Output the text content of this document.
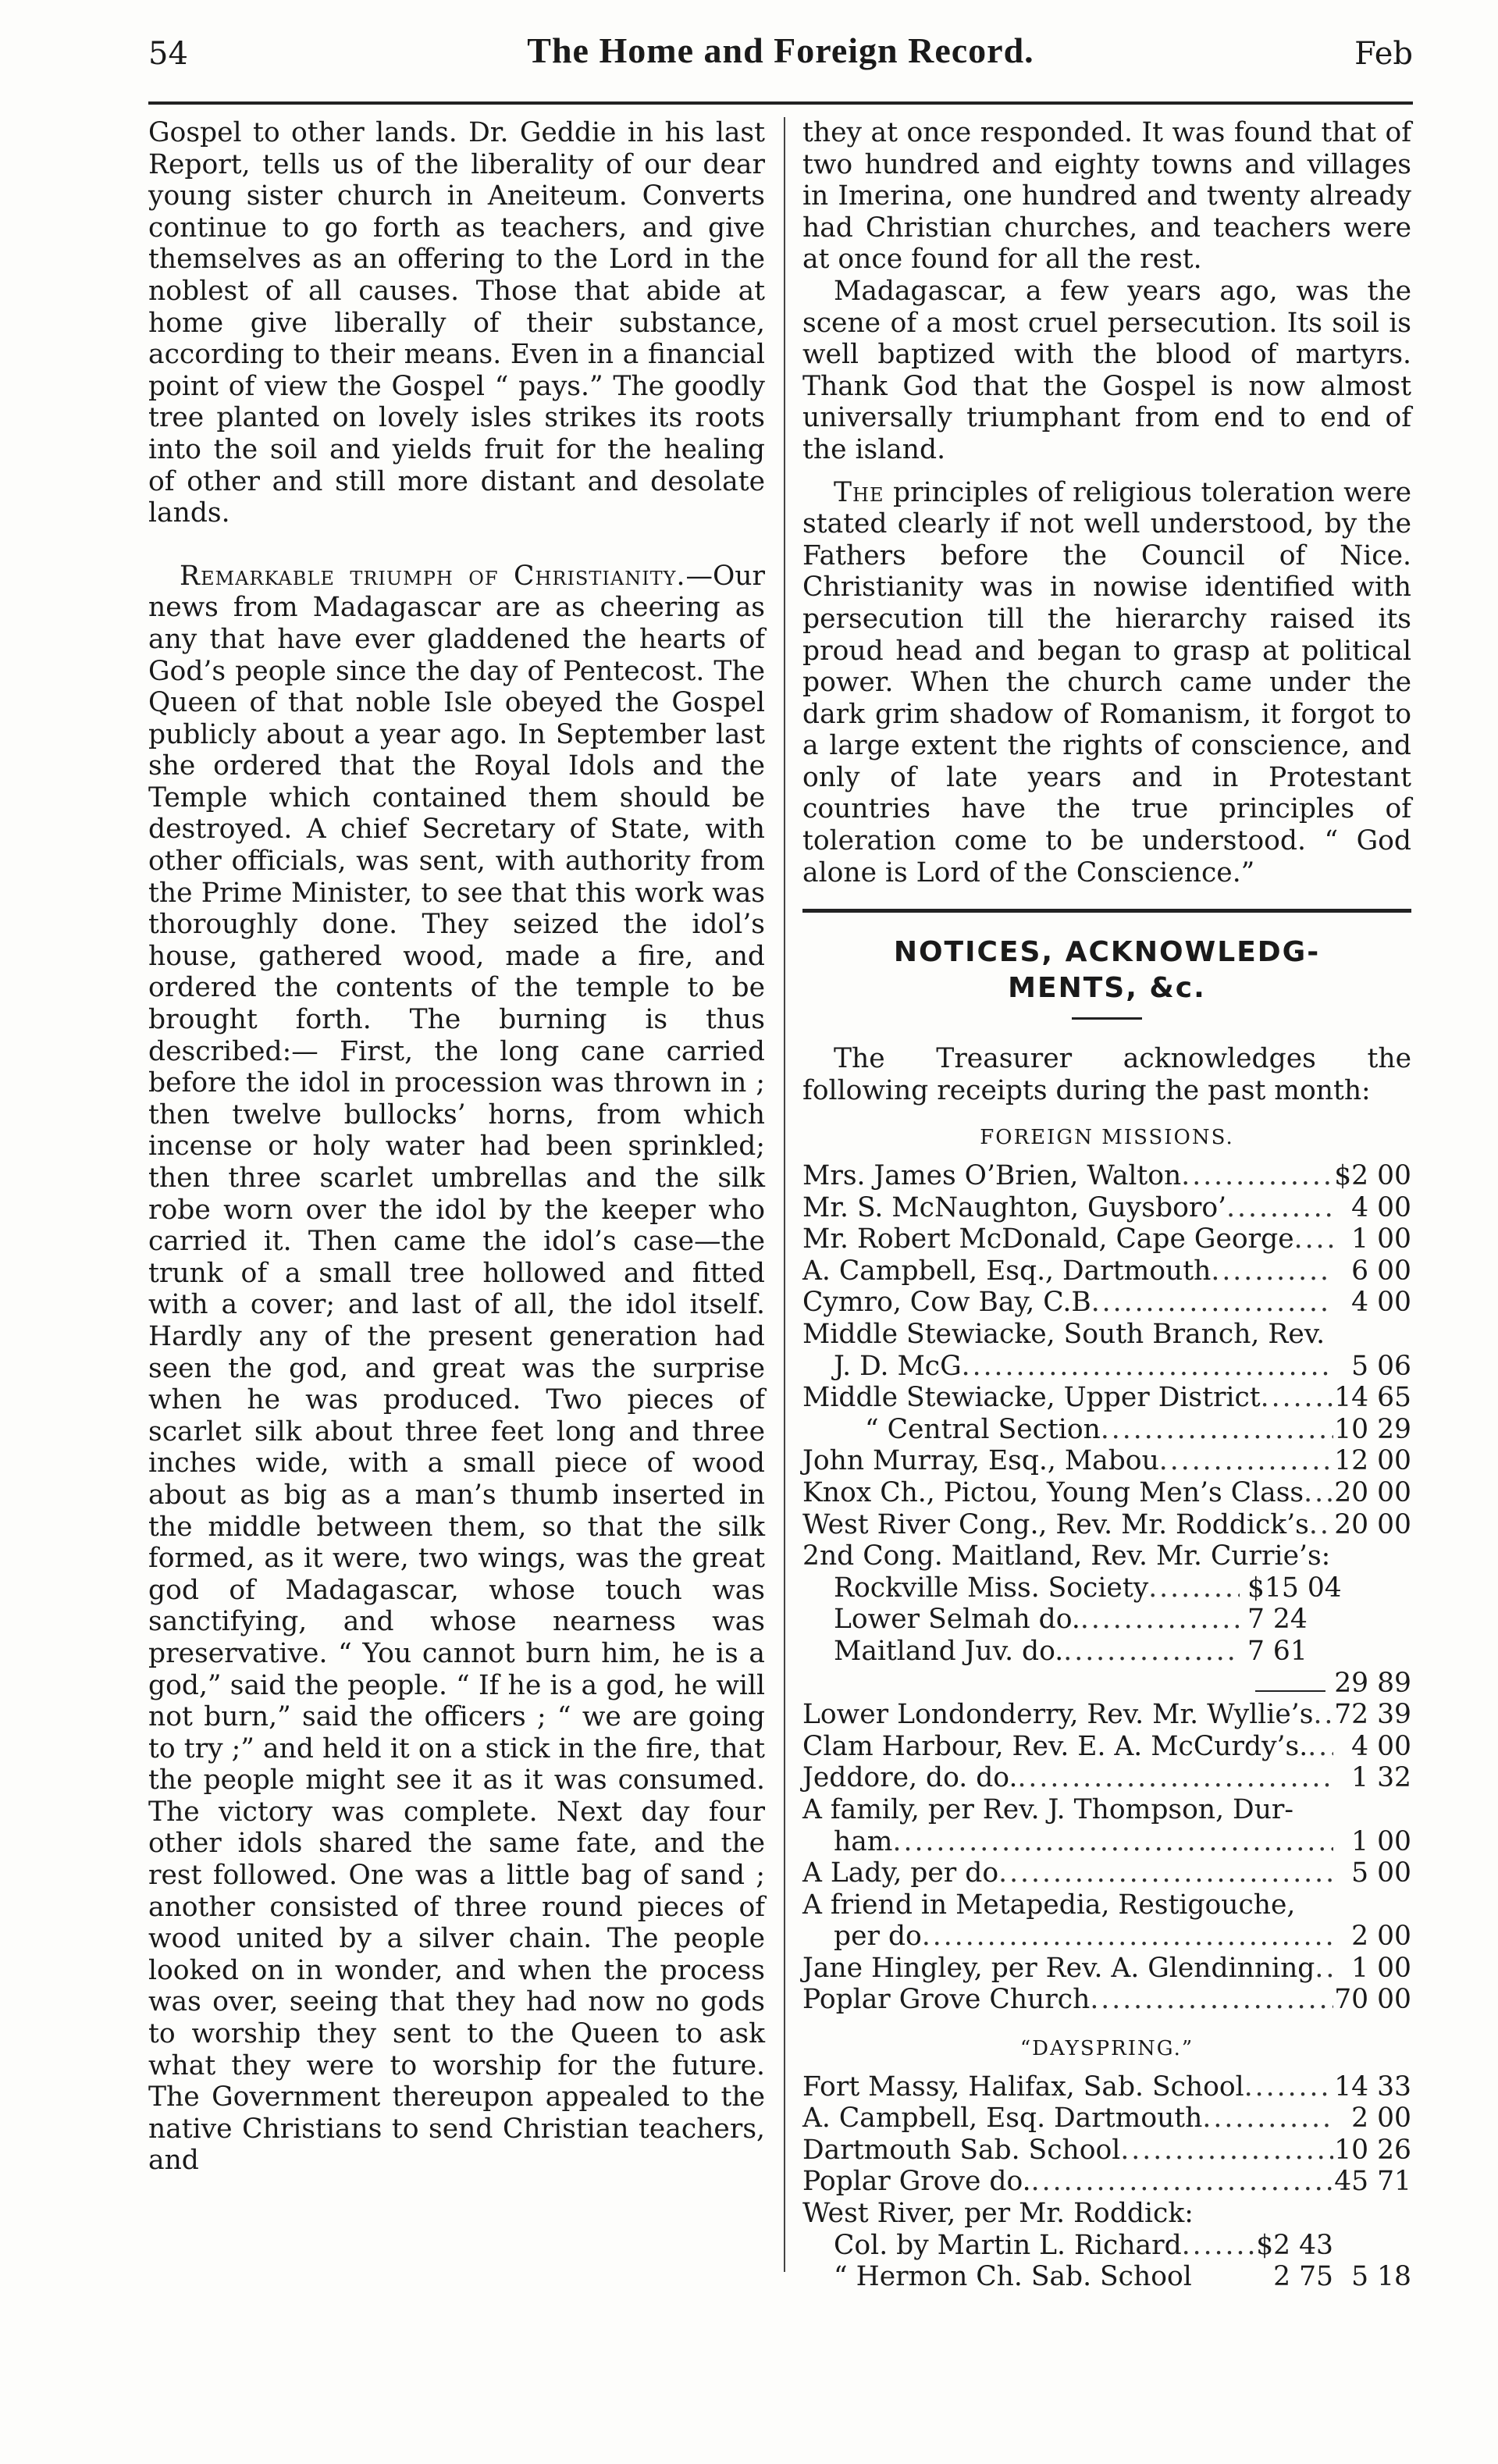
54	The Home and Foreign Record.	Feb

Gospel to other lands. Dr. Geddie in his last Report, tells us of the liberality of our dear young sister church in Aneiteum. Converts continue to go forth as teachers, and give themselves as an offering to the Lord in the noblest of all causes. Those that abide at home give liberally of their substance, according to their means. Even in a financial point of view the Gospel “ pays.” The goodly tree planted on lovely isles strikes its roots into the soil and yields fruit for the healing of other and still more distant and desolate lands.

Remarkable triumph of Christianity.—Our news from Madagascar are as cheering as any that have ever gladdened the hearts of God’s people since the day of Pentecost. The Queen of that noble Isle obeyed the Gospel publicly about a year ago. In September last she ordered that the Royal Idols and the Temple which contained them should be destroyed. A chief Secretary of State, with other officials, was sent, with authority from the Prime Minister, to see that this work was thoroughly done. They seized the idol’s house, gathered wood, made a fire, and ordered the contents of the temple to be brought forth. The burning is thus described:— First, the long cane carried before the idol in procession was thrown in ; then twelve bullocks’ horns, from which incense or holy water had been sprinkled; then three scarlet umbrellas and the silk robe worn over the idol by the keeper who carried it. Then came the idol’s case—the trunk of a small tree hollowed and fitted with a cover; and last of all, the idol itself. Hardly any of the present generation had seen the god, and great was the surprise when he was produced. Two pieces of scarlet silk about three feet long and three inches wide, with a small piece of wood about as big as a man’s thumb inserted in the middle between them, so that the silk formed, as it were, two wings, was the great god of Madagascar, whose touch was sanctifying, and whose nearness was preservative. “ You cannot burn him, he is a god,” said the people. “ If he is a god, he will not burn,” said the officers ; “ we are going to try ;” and held it on a stick in the fire, that the people might see it as it was consumed. The victory was complete. Next day four other idols shared the same fate, and the rest followed. One was a little bag of sand ; another consisted of three round pieces of wood united by a silver chain. The people looked on in wonder, and when the process was over, seeing that they had now no gods to worship they sent to the Queen to ask what they were to worship for the future. The Government thereupon appealed to the native Christians to send Christian teachers, and

they at once responded. It was found that of two hundred and eighty towns and villages in Imerina, one hundred and twenty already had Christian churches, and teachers were at once found for all the rest.

Madagascar, a few years ago, was the scene of a most cruel persecution. Its soil is well baptized with the blood of martyrs. Thank God that the Gospel is now almost universally triumphant from end to end of the island.

The principles of religious toleration were stated clearly if not well understood, by the Fathers before the Council of Nice. Christianity was in nowise identified with persecution till the hierarchy raised its proud head and began to grasp at political power. When the church came under the dark grim shadow of Romanism, it forgot to a large extent the rights of conscience, and only of late years and in Protestant countries have the true principles of toleration come to be understood. “ God alone is Lord of the Conscience.”

NOTICES, ACKNOWLEDG-
MENTS, &c.

The Treasurer acknowledges the following receipts during the past month:

FOREIGN MISSIONS.
Mrs. James O’Brien, Walton .....	$2 00
Mr. S. McNaughton, Guysboro’ .....	4 00
Mr. Robert McDonald, Cape George .....	1 00
A. Campbell, Esq., Dartmouth .....	6 00
Cymro, Cow Bay, C.B .....	4 00
Middle Stewiacke, South Branch, Rev.
J. D. McG .....	5 06
Middle Stewiacke, Upper District .....	14 65
“ Central Section .....	10 29
John Murray, Esq., Mabou .....	12 00
Knox Ch., Pictou, Young Men’s Class ..... 20 00
West River Cong., Rev. Mr. Roddick’s ..... 20 00
2nd Cong. Maitland, Rev. Mr. Currie’s:
Rockville Miss. Society .....	$15 04
Lower Selmah do. .....	7 24
Maitland Juv. do. .....	7 61
29 89
Lower Londonderry, Rev. Mr. Wyllie’s ..... 72 39
Clam Harbour, Rev. E. A. McCurdy’s. .....	4 00
Jeddore, do. do. .....	1 32
A family, per Rev. J. Thompson, Dur-
ham .....	1 00
A Lady, per do .....	5 00
A friend in Metapedia, Restigouche,
per do .....	2 00
Jane Hingley, per Rev. A. Glendinning .....	1 00
Poplar Grove Church .....	70 00
“DAYSPRING.”
Fort Massy, Halifax, Sab. School .....	14 33
A. Campbell, Esq. Dartmouth .....	2 00
Dartmouth Sab. School .....	10 26
Poplar Grove do. .....	45 71
West River, per Mr. Roddick:
Col. by Martin L. Richard .....	$2 43
“ Hermon Ch. Sab. School	2 75 5 18
